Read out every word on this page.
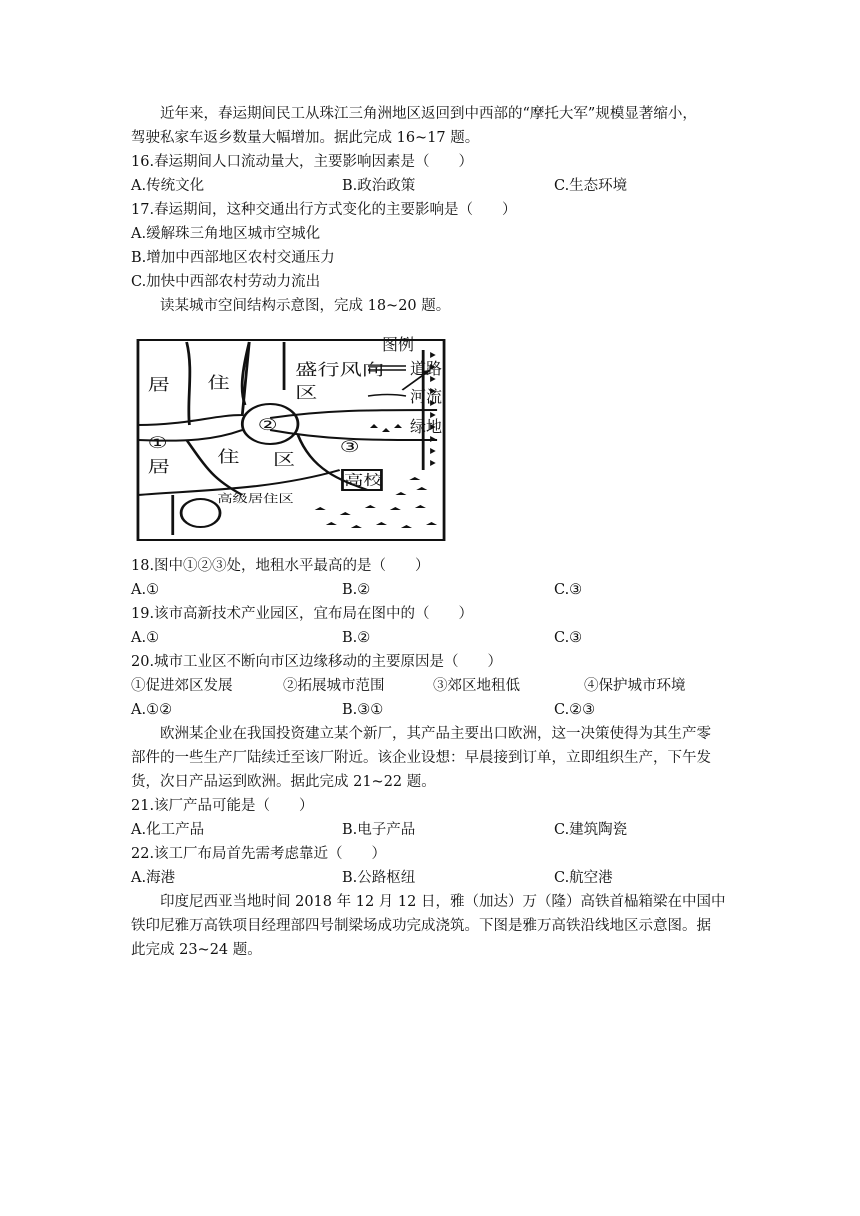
近年来，春运期间民工从珠江三角洲地区返回到中西部的“摩托大军”规模显著缩小，
驾驶私家车返乡数量大幅增加。据此完成 16~17 题。
16.春运期间人口流动量大，主要影响因素是（　　）
A.传统文化	B.政治政策	C.生态环境
17.春运期间，这种交通出行方式变化的主要影响是（　　）
A.缓解珠三角地区城市空城化
B.增加中西部地区农村交通压力
C.加快中西部农村劳动力流出
读某城市空间结构示意图，完成 18~20 题。
居 住
盛行风向
区
②
①
居
住 区
③
高校
高级居住区
图例
道路
河流
绿地
18.图中①②③处，地租水平最高的是（　　）
A.①	B.②	C.③
19.该市高新技术产业园区，宜布局在图中的（　　）
A.①	B.②	C.③
20.城市工业区不断向市区边缘移动的主要原因是（　　）
①促进郊区发展	②拓展城市范围	③郊区地租低	④保护城市环境
A.①②	B.③①	C.②③
欧洲某企业在我国投资建立某个新厂，其产品主要出口欧洲，这一决策使得为其生产零
部件的一些生产厂陆续迁至该厂附近。该企业设想：早晨接到订单，立即组织生产，下午发
货，次日产品运到欧洲。据此完成 21~22 题。
21.该厂产品可能是（　　）
A.化工产品	B.电子产品	C.建筑陶瓷
22.该工厂布局首先需考虑靠近（　　）
A.海港	B.公路枢纽	C.航空港
印度尼西亚当地时间 2018 年 12 月 12 日，雅（加达）万（隆）高铁首榀箱梁在中国中
铁印尼雅万高铁项目经理部四号制梁场成功完成浇筑。下图是雅万高铁沿线地区示意图。据
此完成 23~24 题。
